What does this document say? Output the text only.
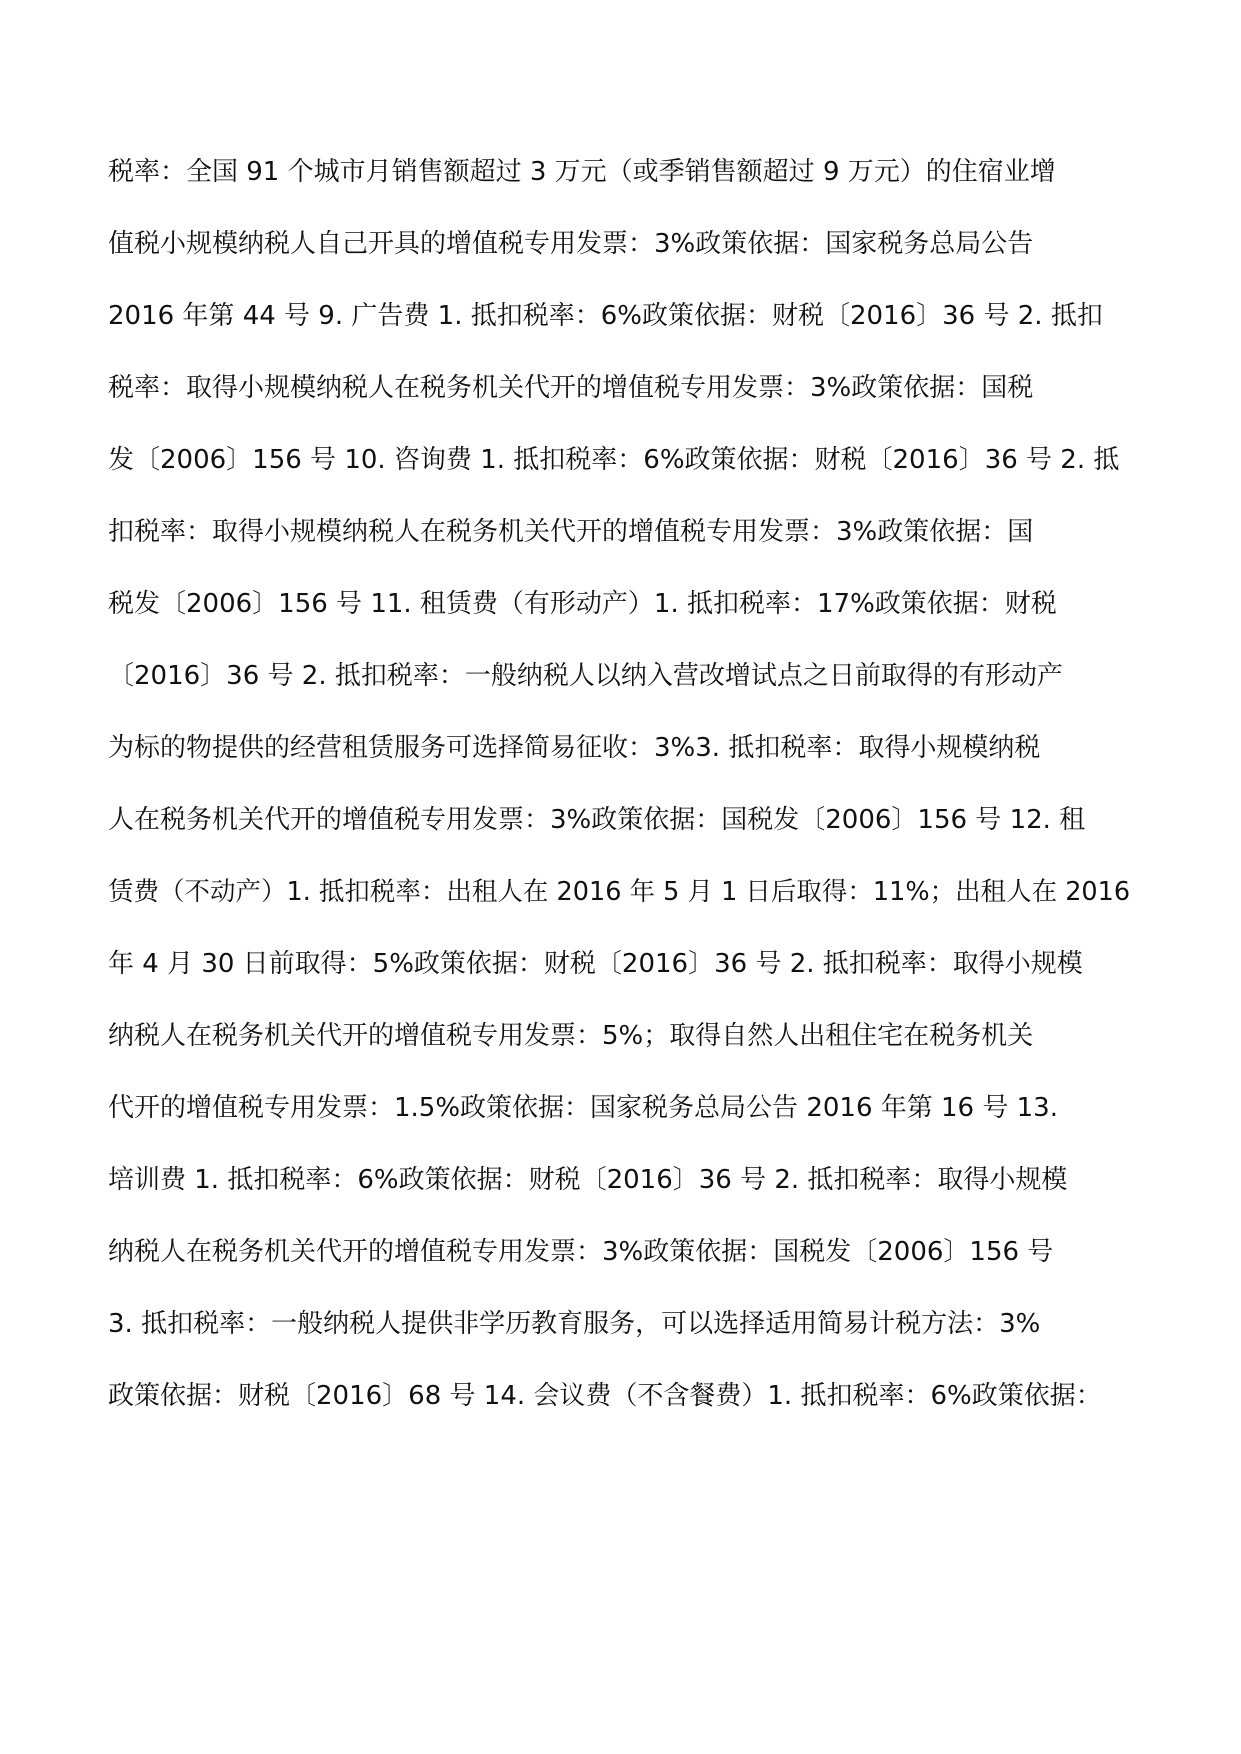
税率：全国 91 个城市月销售额超过 3 万元（或季销售额超过 9 万元）的住宿业增
值税小规模纳税人自己开具的增值税专用发票：3%政策依据：国家税务总局公告
2016 年第 44 号 9. 广告费 1. 抵扣税率：6%政策依据：财税〔2016〕36 号 2. 抵扣
税率：取得小规模纳税人在税务机关代开的增值税专用发票：3%政策依据：国税
发〔2006〕156 号 10. 咨询费 1. 抵扣税率：6%政策依据：财税〔2016〕36 号 2. 抵
扣税率：取得小规模纳税人在税务机关代开的增值税专用发票：3%政策依据：国
税发〔2006〕156 号 11. 租赁费（有形动产）1. 抵扣税率：17%政策依据：财税
〔2016〕36 号 2. 抵扣税率：一般纳税人以纳入营改增试点之日前取得的有形动产
为标的物提供的经营租赁服务可选择简易征收：3%3. 抵扣税率：取得小规模纳税
人在税务机关代开的增值税专用发票：3%政策依据：国税发〔2006〕156 号 12. 租
赁费（不动产）1. 抵扣税率：出租人在 2016 年 5 月 1 日后取得：11%；出租人在 2016
年 4 月 30 日前取得：5%政策依据：财税〔2016〕36 号 2. 抵扣税率：取得小规模
纳税人在税务机关代开的增值税专用发票：5%；取得自然人出租住宅在税务机关
代开的增值税专用发票：1.5%政策依据：国家税务总局公告 2016 年第 16 号 13.
培训费 1. 抵扣税率：6%政策依据：财税〔2016〕36 号 2. 抵扣税率：取得小规模
纳税人在税务机关代开的增值税专用发票：3%政策依据：国税发〔2006〕156 号
3. 抵扣税率：一般纳税人提供非学历教育服务，可以选择适用简易计税方法：3%
政策依据：财税〔2016〕68 号 14. 会议费（不含餐费）1. 抵扣税率：6%政策依据：
